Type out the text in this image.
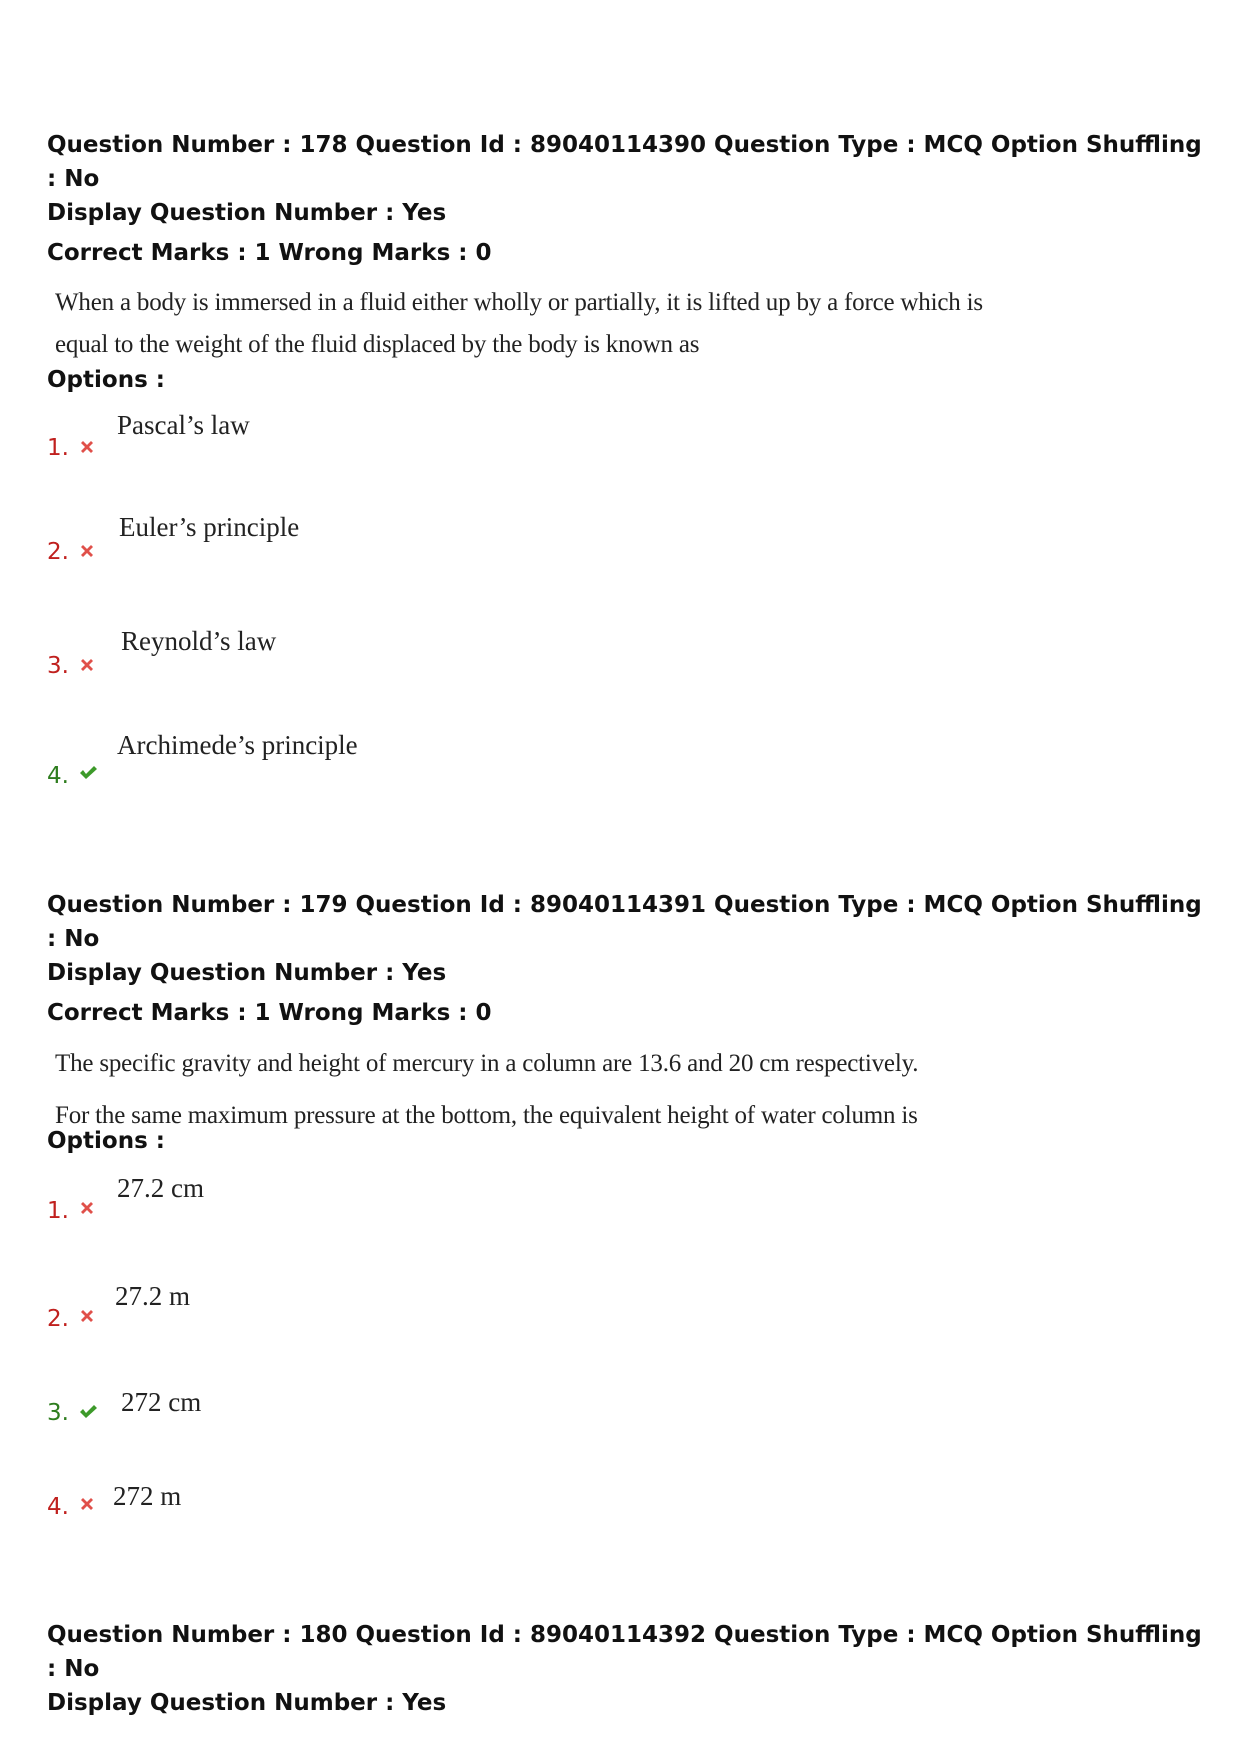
Question Number : 178 Question Id : 89040114390 Question Type : MCQ Option Shuffling : No
Display Question Number : Yes
Correct Marks : 1 Wrong Marks : 0
When a body is immersed in a fluid either wholly or partially, it is lifted up by a force which is
equal to the weight of the fluid displaced by the body is known as
Options :
1.
Pascal’s law
2.
Euler’s principle
3.
Reynold’s law
4.
Archimede’s principle
Question Number : 179 Question Id : 89040114391 Question Type : MCQ Option Shuffling : No
Display Question Number : Yes
Correct Marks : 1 Wrong Marks : 0
The specific gravity and height of mercury in a column are 13.6 and 20 cm respectively.
For the same maximum pressure at the bottom, the equivalent height of water column is
Options :
1.
27.2 cm
2.
27.2 m
3. 272 cm
4. 272 m
Question Number : 180 Question Id : 89040114392 Question Type : MCQ Option Shuffling : No
Display Question Number : Yes
